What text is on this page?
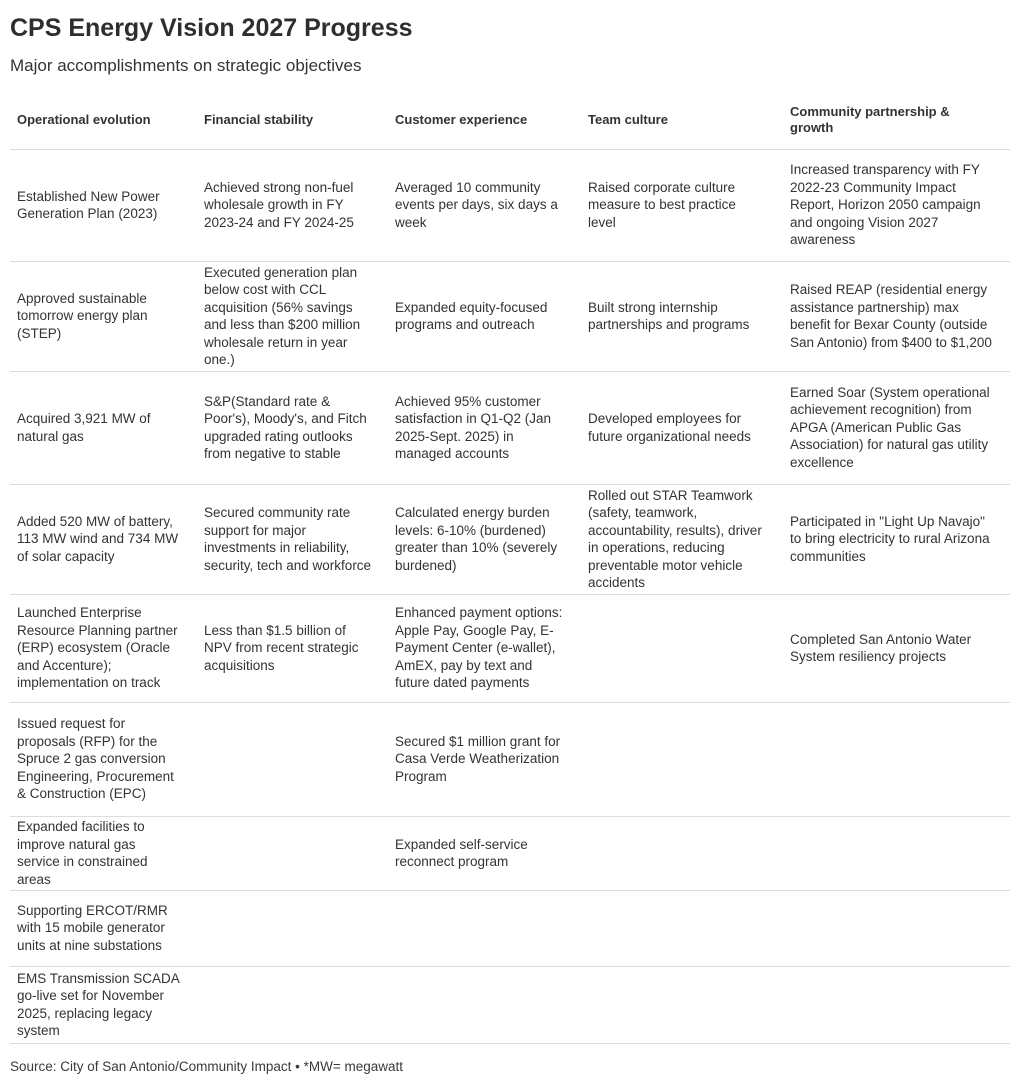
CPS Energy Vision 2027 Progress

Major accomplishments on strategic objectives

Operational evolution	Financial stability	Customer experience	Team culture	Community partnership & growth

Established New Power Generation Plan (2023)	Achieved strong non-fuel wholesale growth in FY 2023-24 and FY 2024-25	Averaged 10 community events per days, six days a week	Raised corporate culture measure to best practice level	Increased transparency with FY 2022-23 Community Impact Report, Horizon 2050 campaign and ongoing Vision 2027 awareness
Approved sustainable tomorrow energy plan (STEP)	Executed generation plan below cost with CCL acquisition (56% savings and less than $200 million wholesale return in year one.)	Expanded equity-focused programs and outreach	Built strong internship partnerships and programs	Raised REAP (residential energy assistance partnership) max benefit for Bexar County (outside San Antonio) from $400 to $1,200
Acquired 3,921 MW of natural gas	S&P(Standard rate & Poor's), Moody's, and Fitch upgraded rating outlooks from negative to stable	Achieved 95% customer satisfaction in Q1-Q2 (Jan 2025-Sept. 2025) in managed accounts	Developed employees for future organizational needs	Earned Soar (System operational achievement recognition) from APGA (American Public Gas Association) for natural gas utility excellence
Added 520 MW of battery, 113 MW wind and 734 MW of solar capacity	Secured community rate support for major investments in reliability, security, tech and workforce	Calculated energy burden levels: 6-10% (burdened) greater than 10% (severely burdened)	Rolled out STAR Teamwork (safety, teamwork, accountability, results), driver in operations, reducing preventable motor vehicle accidents	Participated in "Light Up Navajo" to bring electricity to rural Arizona communities
Launched Enterprise Resource Planning partner (ERP) ecosystem (Oracle and Accenture); implementation on track	Less than $1.5 billion of NPV from recent strategic acquisitions	Enhanced payment options: Apple Pay, Google Pay, E-Payment Center (e-wallet), AmEX, pay by text and future dated payments		Completed San Antonio Water System resiliency projects
Issued request for proposals (RFP) for the Spruce 2 gas conversion Engineering, Procurement & Construction (EPC)		Secured $1 million grant for Casa Verde Weatherization Program		
Expanded facilities to improve natural gas service in constrained areas		Expanded self-service reconnect program		
Supporting ERCOT/RMR with 15 mobile generator units at nine substations				
EMS Transmission SCADA go-live set for November 2025, replacing legacy system				
Source: City of San Antonio/Community Impact • *MW= megawatt
